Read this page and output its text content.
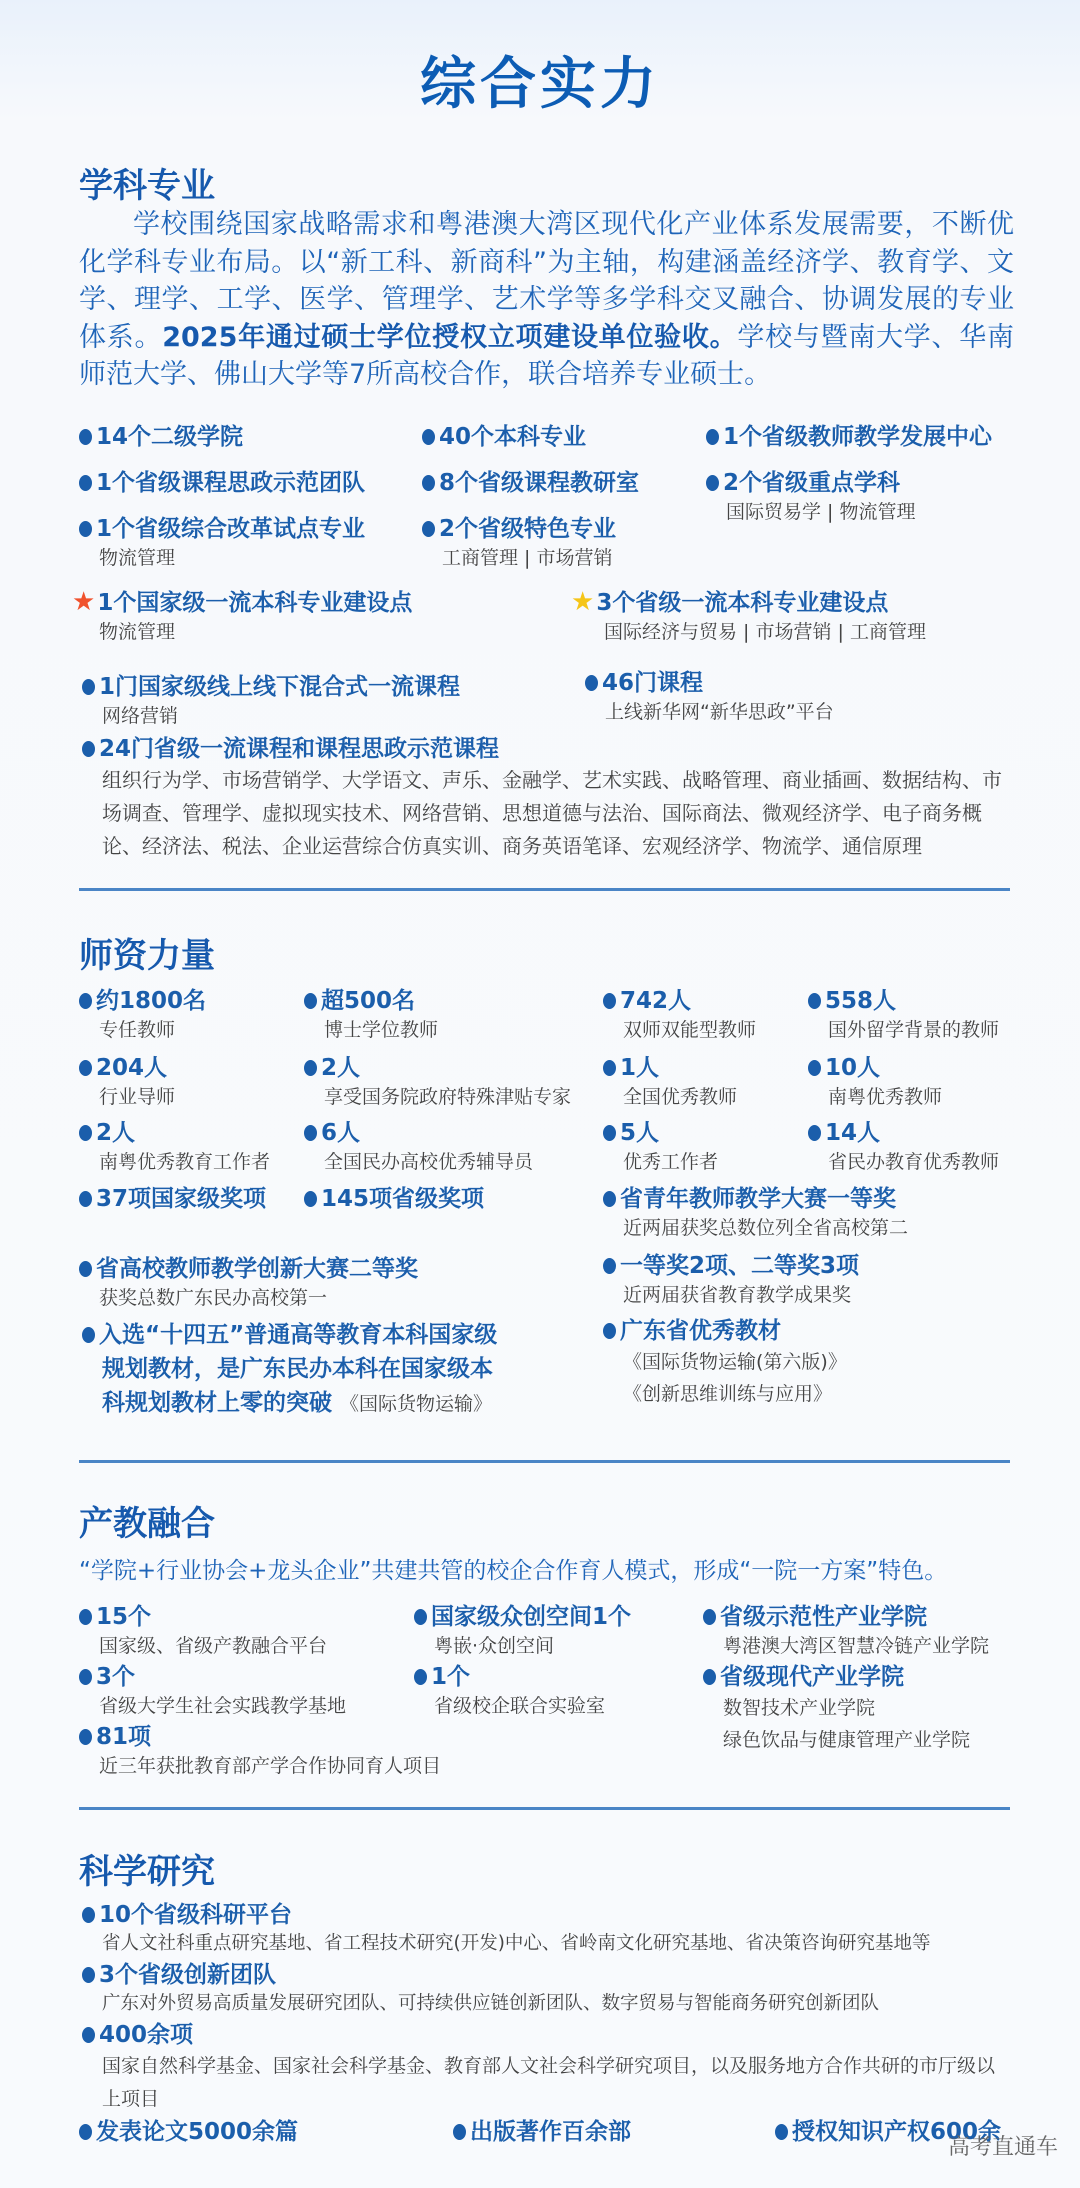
综合实力
学科专业
学校围绕国家战略需求和粤港澳大湾区现代化产业体系发展需要，不断优化学科专业布局。以“新工科、新商科”为主轴，构建涵盖经济学、教育学、文学、理学、工学、医学、管理学、艺术学等多学科交叉融合、协调发展的专业体系。2025年通过硕士学位授权立项建设单位验收。学校与暨南大学、华南师范大学、佛山大学等7所高校合作，联合培养专业硕士。
14个二级学院	40个本科专业	1个省级教师教学发展中心
1个省级课程思政示范团队	8个省级课程教研室	2个省级重点学科
国际贸易学 | 物流管理
1个省级综合改革试点专业
物流管理
2个省级特色专业
工商管理 | 市场营销
★1个国家级一流本科专业建设点
物流管理
★3个省级一流本科专业建设点
国际经济与贸易 | 市场营销 | 工商管理
1门国家级线上线下混合式一流课程
网络营销
46门课程
上线新华网“新华思政”平台
24门省级一流课程和课程思政示范课程
组织行为学、市场营销学、大学语文、声乐、金融学、艺术实践、战略管理、商业插画、数据结构、市场调查、管理学、虚拟现实技术、网络营销、思想道德与法治、国际商法、微观经济学、电子商务概论、经济法、税法、企业运营综合仿真实训、商务英语笔译、宏观经济学、物流学、通信原理
师资力量
约1800名
专任教师
超500名
博士学位教师
742人
双师双能型教师
558人
国外留学背景的教师
204人
行业导师
2人
享受国务院政府特殊津贴专家
1人
全国优秀教师
10人
南粤优秀教师
2人
南粤优秀教育工作者
6人
全国民办高校优秀辅导员
5人
优秀工作者
14人
省民办教育优秀教师
37项国家级奖项	145项省级奖项	省青年教师教学大赛一等奖
近两届获奖总数位列全省高校第二
省高校教师教学创新大赛二等奖
获奖总数广东民办高校第一
一等奖2项、二等奖3项
近两届获省教育教学成果奖
入选“十四五”普通高等教育本科国家级
规划教材，是广东民办本科在国家级本
科规划教材上零的突破 《国际货物运输》
广东省优秀教材
《国际货物运输(第六版)》
《创新思维训练与应用》
产教融合
“学院+行业协会+龙头企业”共建共管的校企合作育人模式，形成“一院一方案”特色。
15个
国家级、省级产教融合平台
国家级众创空间1个
粤嵌·众创空间
省级示范性产业学院
粤港澳大湾区智慧冷链产业学院
3个
省级大学生社会实践教学基地
1个
省级校企联合实验室
省级现代产业学院
数智技术产业学院
绿色饮品与健康管理产业学院
81项
近三年获批教育部产学合作协同育人项目
科学研究
10个省级科研平台
省人文社科重点研究基地、省工程技术研究(开发)中心、省岭南文化研究基地、省决策咨询研究基地等
3个省级创新团队
广东对外贸易高质量发展研究团队、可持续供应链创新团队、数字贸易与智能商务研究创新团队
400余项
国家自然科学基金、国家社会科学基金、教育部人文社会科学研究项目，以及服务地方合作共研的市厅级以上项目
发表论文5000余篇	出版著作百余部	授权知识产权600余
高考直通车
